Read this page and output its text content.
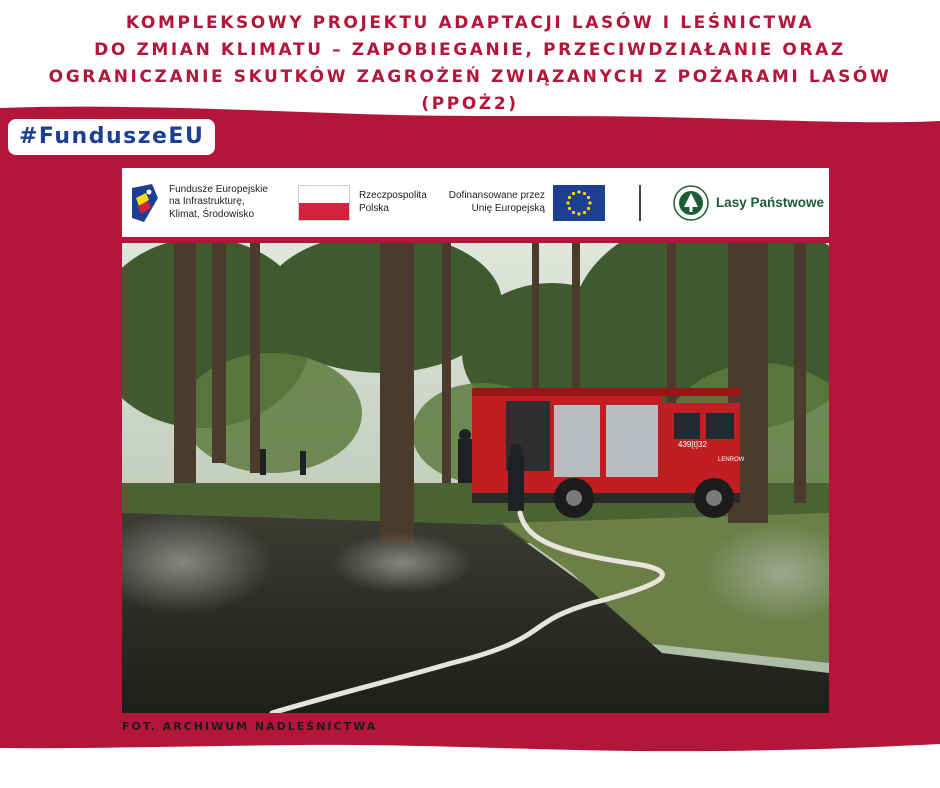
KOMPLEKSOWY PROJEKTU ADAPTACJI LASÓW I LEŚNICTWA
DO ZMIAN KLIMATU – ZAPOBIEGANIE, PRZECIWDZIAŁANIE ORAZ
OGRANICZANIE SKUTKÓW ZAGROŻEŃ ZWIĄZANYCH Z POŻARAMI LASÓW
(PPOŻ2)
#FunduszeEU
Fundusze Europejskie
na Infrastrukturę,
Klimat, Środowisko
Rzeczpospolita
Polska
Dofinansowane przez
Unię Europejską	Lasy Państwowe
439[t]32
LENROW
FOT. ARCHIWUM NADLEŚNICTWA
